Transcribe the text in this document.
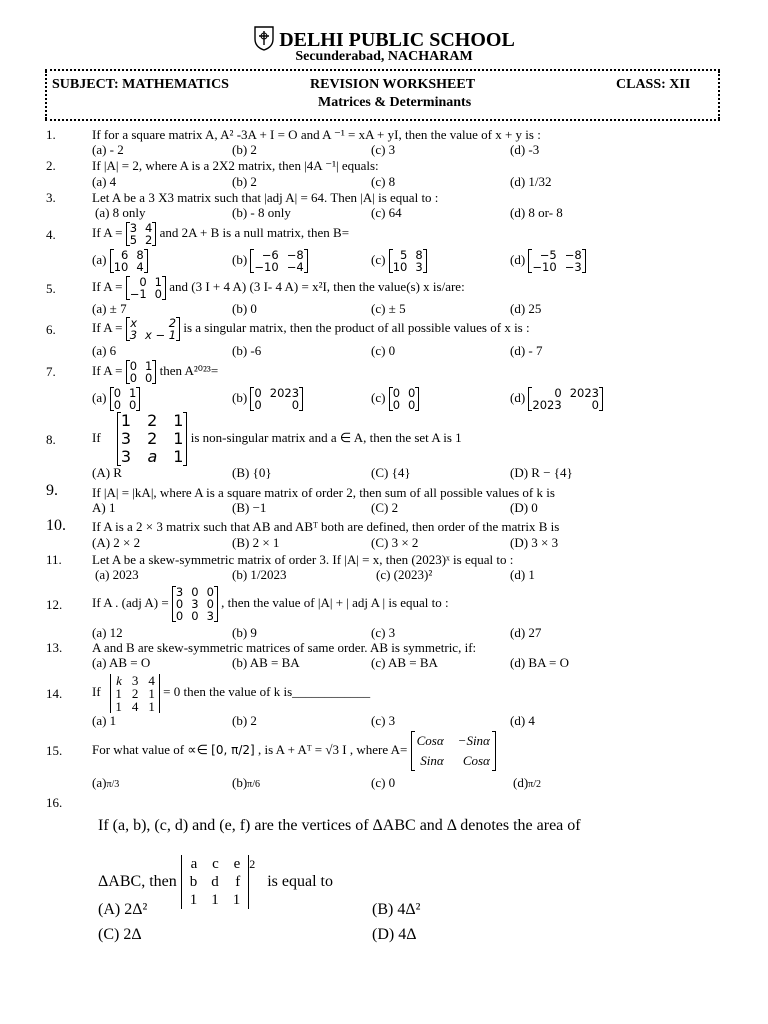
DELHI PUBLIC SCHOOL
Secunderabad, NACHARAM
SUBJECT: MATHEMATICS	REVISION WORKSHEET	CLASS: XII
Matrices & Determinants
1.	If for a square matrix A, A² -3A + I = O and A ⁻¹ = xA + yI, then the value of x + y is :
(a) - 2	(b) 2	(c) 3	(d) -3
2.	If |A| = 2, where A is a 2X2 matrix, then |4A ⁻¹| equals:
(a) 4	(b) 2	(c) 8	(d) 1/32
3.	Let A be a 3 X3 matrix such that |adj A| = 64. Then |A| is equal to :
(a) 8 only	(b) - 8 only	(c) 64	(d) 8 or- 8
4.	If A = 3 4
5 2
and 2A + B is a null matrix, then B=
(a)	6 8
10 4
(b)	−6 −8
−10 −4
(c)	5 8
10 3
(d)	−5 −8
−10 −3
5.	If A =	0 1
−1 0
and (3 I + 4 A) (3 I- 4 A) = x²I, then the value(s) x is/are:
(a) ± 7	(b) 0	(c) ± 5	(d) 25
6.	If A = x	2
3 x − 1
is a singular matrix, then the product of all possible values of x is :
(a) 6	(b) -6	(c) 0	(d) - 7
7.	If A = 0 1
0 0
then A²⁰²³=
(a) 0 1
0 0
(b) 0 2023
0	0
(c) 0 0
0 0
(d)	0 2023
2023	0
8.	If
1 2 1
3 2 1
3 a 1
is non-singular matrix and a ∈ A, then the set A is 1
(A) R	(B) {0}	(C) {4}	(D) R − {4}
9.	If |A| = |kA|, where A is a square matrix of order 2, then sum of all possible values of k is
A) 1	(B) −1	(C) 2	(D) 0
10. If A is a 2 × 3 matrix such that AB and ABᵀ both are defined, then order of the matrix B is
(A) 2 × 2	(B) 2 × 1	(C) 3 × 2	(D) 3 × 3
11. Let A be a skew-symmetric matrix of order 3. If |A| = x, then (2023)ˣ is equal to :
(a) 2023	(b) 1/2023	(c) (2023)²	(d) 1
12. If A . (adj A) =
3 0 0
0 3 0
0 0 3
, then the value of |A| + | adj A | is equal to :
(a) 12	(b) 9	(c) 3	(d) 27
13. A and B are skew-symmetric matrices of same order. AB is symmetric, if:
(a) AB = O	(b) AB = BA	(c) AB = BA	(d) BA = O
14. If
k 3 4
1 2 1
1 4 1
= 0 then the value of k is____________
(a) 1	(b) 2	(c) 3	(d) 4
15. For what value of ∝∈ [0, π/2] , is A + Aᵀ = √3 I , where A=
Cosα −Sinα
Sinα	Cosα
(a)π/3	(b)π/6	(c) 0	(d)π/2
16.
If (a, b), (c, d) and (e, f) are the vertices of ΔABC and Δ denotes the area of
ΔABC, then
a c e
b d f
1 1 1
$^2$   is equal to
(A) 2Δ²	(B) 4Δ²
(C) 2Δ	(D) 4Δ
